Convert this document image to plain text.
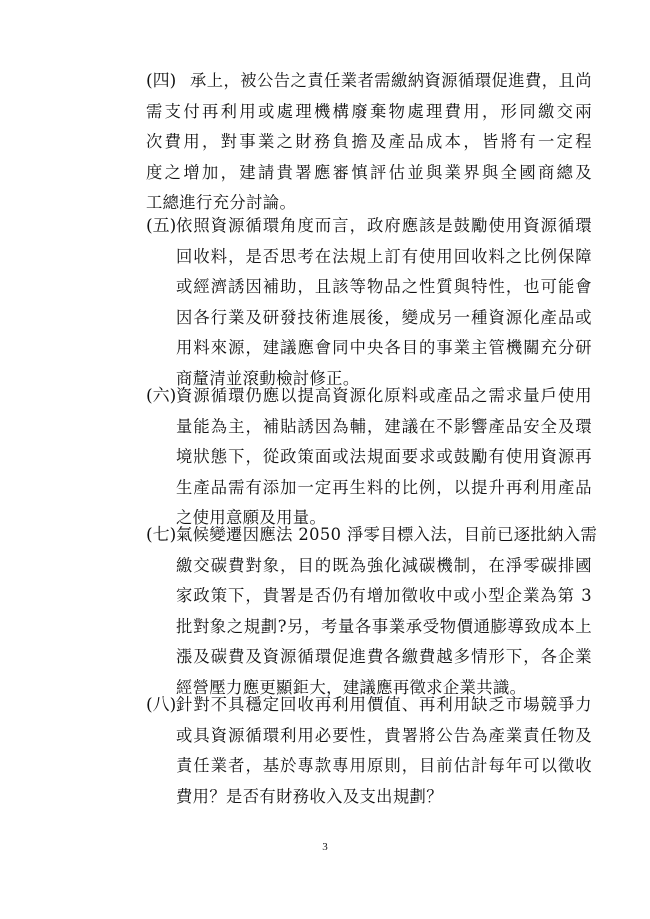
(四) 承上，被公告之責任業者需繳納資源循環促進費，且尚
需支付再利用或處理機構廢棄物處理費用，形同繳交兩
次費用，對事業之財務負擔及產品成本，皆將有一定程
度之增加，建請貴署應審慎評估並與業界與全國商總及
工總進行充分討論。
(五) 依照資源循環角度而言，政府應該是鼓勵使用資源循環
回收料，是否思考在法規上訂有使用回收料之比例保障
或經濟誘因補助，且該等物品之性質與特性，也可能會
因各行業及研發技術進展後，變成另一種資源化產品或
用料來源，建議應會同中央各目的事業主管機關充分研
商釐清並滾動檢討修正。
(六) 資源循環仍應以提高資源化原料或產品之需求量戶使用
量能為主，補貼誘因為輔，建議在不影響產品安全及環
境狀態下，從政策面或法規面要求或鼓勵有使用資源再
生產品需有添加一定再生料的比例，以提升再利用產品
之使用意願及用量。
(七) 氣候變遷因應法 2050 淨零目標入法，目前已逐批納入需
繳交碳費對象，目的既為強化減碳機制，在淨零碳排國
家政策下，貴署是否仍有增加徵收中或小型企業為第 3
批對象之規劃?另，考量各事業承受物價通膨導致成本上
漲及碳費及資源循環促進費各繳費越多情形下，各企業
經營壓力應更顯鉅大，建議應再徵求企業共識。
(八) 針對不具穩定回收再利用價值、再利用缺乏市場競爭力
或具資源循環利用必要性，貴署將公告為產業責任物及
責任業者，基於專款專用原則，目前估計每年可以徵收
費用？是否有財務收入及支出規劃？
3
